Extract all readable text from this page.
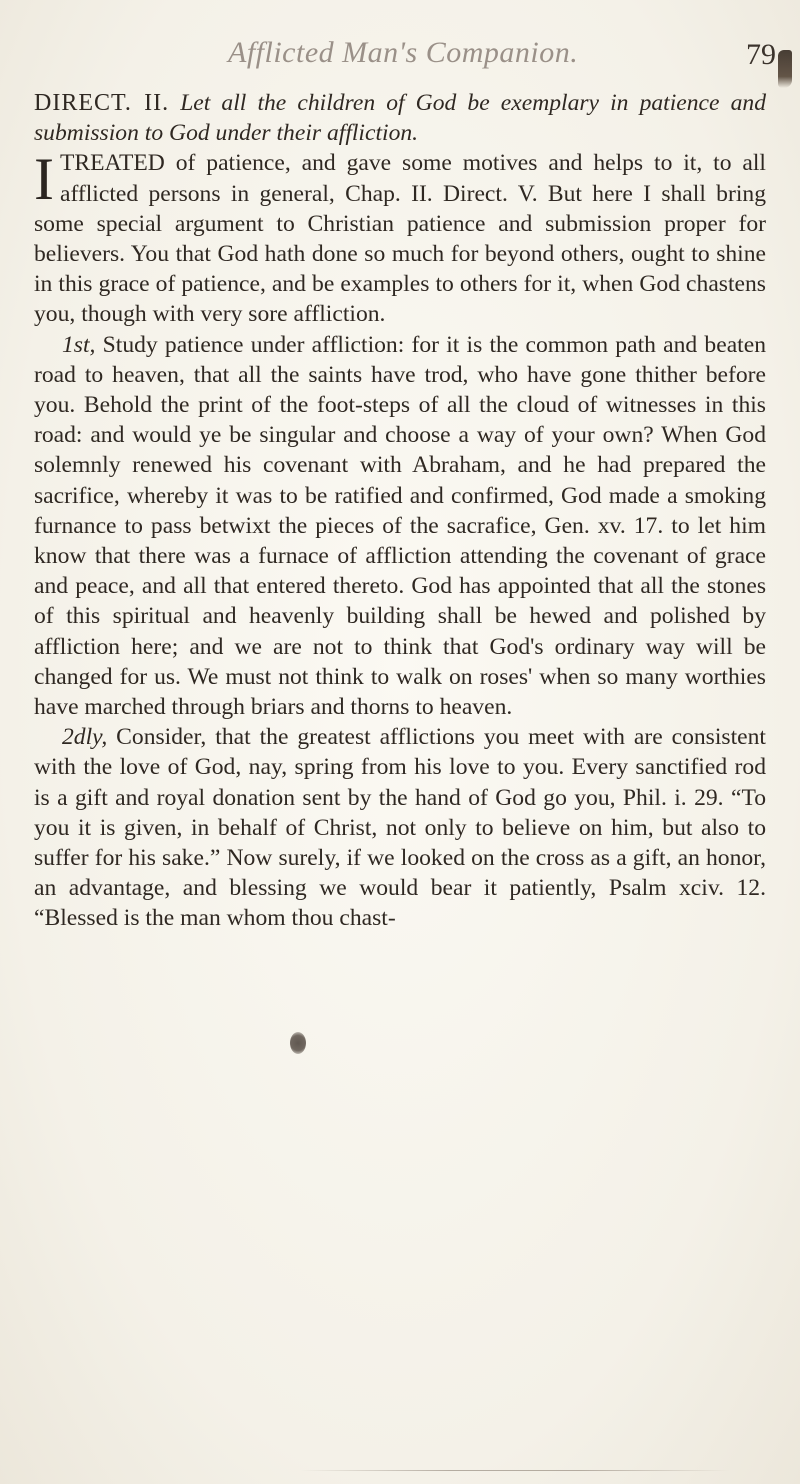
Afflicted Man's Companion.	79

DIRECT. II. Let all the children of God be exemplary in patience and submission to God under their affliction.

I TREATED of patience, and gave some motives and helps to it, to all afflicted persons in general, Chap. II. Direct. V. But here I shall bring some special argument to Christian patience and submission proper for believers. You that God hath done so much for beyond others, ought to shine in this grace of patience, and be examples to others for it, when God chastens you, though with very sore affliction.

1st, Study patience under affliction: for it is the common path and beaten road to heaven, that all the saints have trod, who have gone thither before you. Behold the print of the foot-steps of all the cloud of witnesses in this road: and would ye be singular and choose a way of your own? When God solemnly renewed his covenant with Abraham, and he had prepared the sacrifice, whereby it was to be ratified and confirmed, God made a smoking furnance to pass betwixt the pieces of the sacrafice, Gen. xv. 17. to let him know that there was a furnace of affliction attending the covenant of grace and peace, and all that entered thereto. God has appointed that all the stones of this spiritual and heavenly building shall be hewed and polished by affliction here; and we are not to think that God's ordinary way will be changed for us. We must not think to walk on roses' when so many worthies have marched through briars and thorns to heaven.

2dly, Consider, that the greatest afflictions you meet with are consistent with the love of God, nay, spring from his love to you. Every sanctified rod is a gift and royal donation sent by the hand of God go you, Phil. i. 29. “To you it is given, in behalf of Christ, not only to believe on him, but also to suffer for his sake.” Now surely, if we looked on the cross as a gift, an honor, an advantage, and blessing we would bear it patiently, Psalm xciv. 12. “Blessed is the man whom thou chast-
